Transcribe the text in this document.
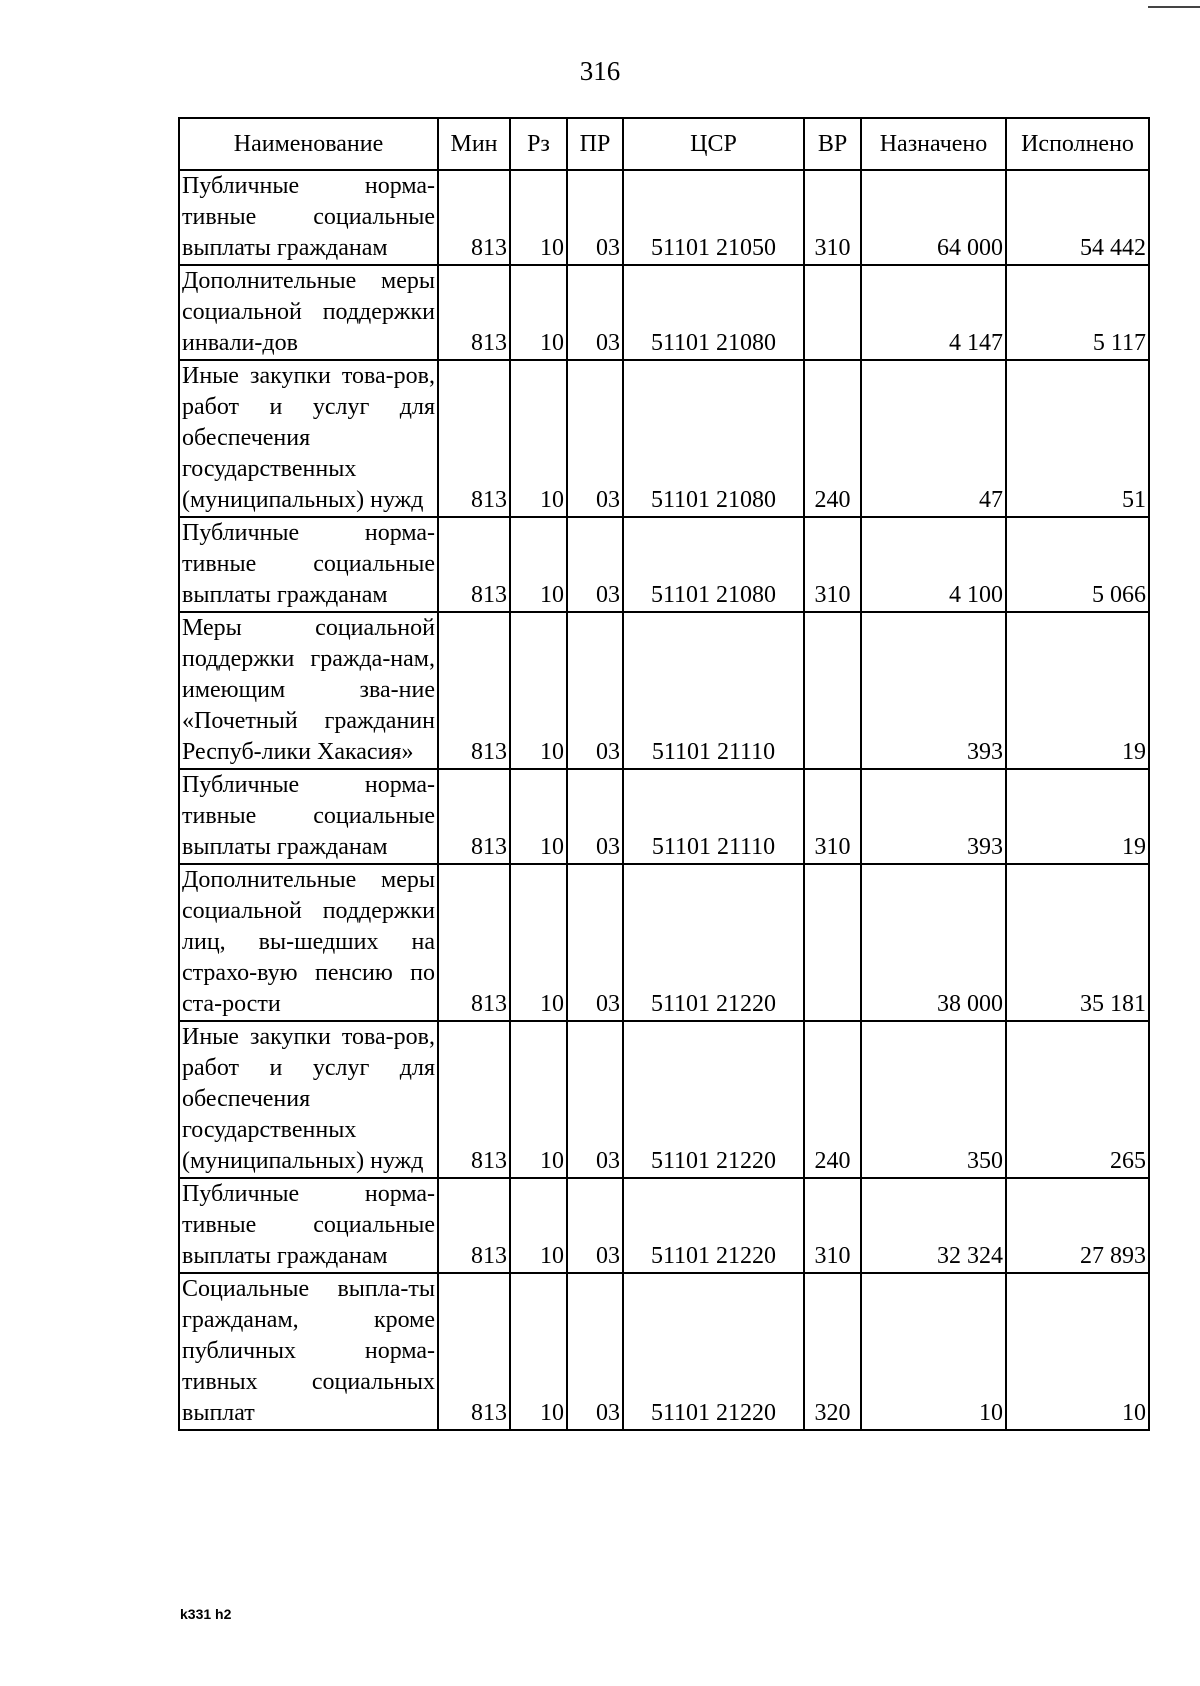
316
Наименование	Мин	Рз	ПР	ЦСР	ВР	Назначено	Исполнено
Публичные норма-тивные социальные выплаты гражданам	813	10	03	51101 21050	310	64 000	54 442
Дополнительные меры социальной поддержки инвали-дов	813	10	03	51101 21080		4 147	5 117
Иные закупки това-ров, работ и услуг для обеспечения государственных (муниципальных) нужд	813	10	03	51101 21080	240	47	51
Публичные норма-тивные социальные выплаты гражданам	813	10	03	51101 21080	310	4 100	5 066
Меры социальной поддержки гражда-нам, имеющим зва-ние «Почетный гражданин Респуб-лики Хакасия»	813	10	03	51101 21110		393	19
Публичные норма-тивные социальные выплаты гражданам	813	10	03	51101 21110	310	393	19
Дополнительные меры социальной поддержки лиц, вы-шедших на страхо-вую пенсию по ста-рости	813	10	03	51101 21220		38 000	35 181
Иные закупки това-ров, работ и услуг для обеспечения государственных (муниципальных) нужд	813	10	03	51101 21220	240	350	265
Публичные норма-тивные социальные выплаты гражданам	813	10	03	51101 21220	310	32 324	27 893
Социальные выпла-ты гражданам, кроме публичных норма-тивных социальных выплат	813	10	03	51101 21220	320	10	10
k331 h2
